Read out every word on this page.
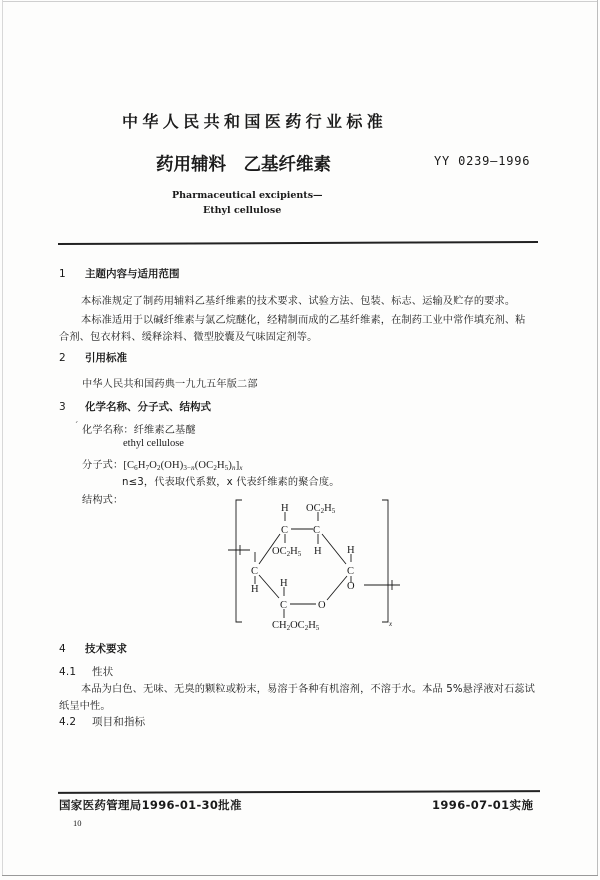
中华人民共和国医药行业标准
药用辅料　乙基纤维素	YY 0239—1996
Pharmaceutical excipients—
Ethyl cellulose
1 主题内容与适用范围
本标准规定了制药用辅料乙基纤维素的技术要求、试验方法、包装、标志、运输及贮存的要求。
本标准适用于以碱纤维素与氯乙烷醚化，经精制而成的乙基纤维素，在制药工业中常作填充剂、粘
合剂、包衣材料、缓释涂料、微型胶囊及气味固定剂等。
2 引用标准
中华人民共和国药典一九九五年版二部
3 化学名称、分子式、结构式
ˊ 化学名称：纤维素乙基醚
ethyl cellulose
分子式：$[C_6H_7O_2(OH)_{3-n}(OC_2H_5)_n]_x$
n≤3，代表取代系数，x 代表纤维素的聚合度。
结构式：
H
C
OC2H5
C
OC2H5
H H
C
O
O
H
C
CH2OC2H5
C
H
x
4 技术要求
4.1 性状
本品为白色、无味、无臭的颗粒或粉末，易溶于各种有机溶剂，不溶于水。本品 5%悬浮液对石蕊试
纸呈中性。
4.2 项目和指标
国家医药管理局1996-01-30批准	1996-07-01实施
10
